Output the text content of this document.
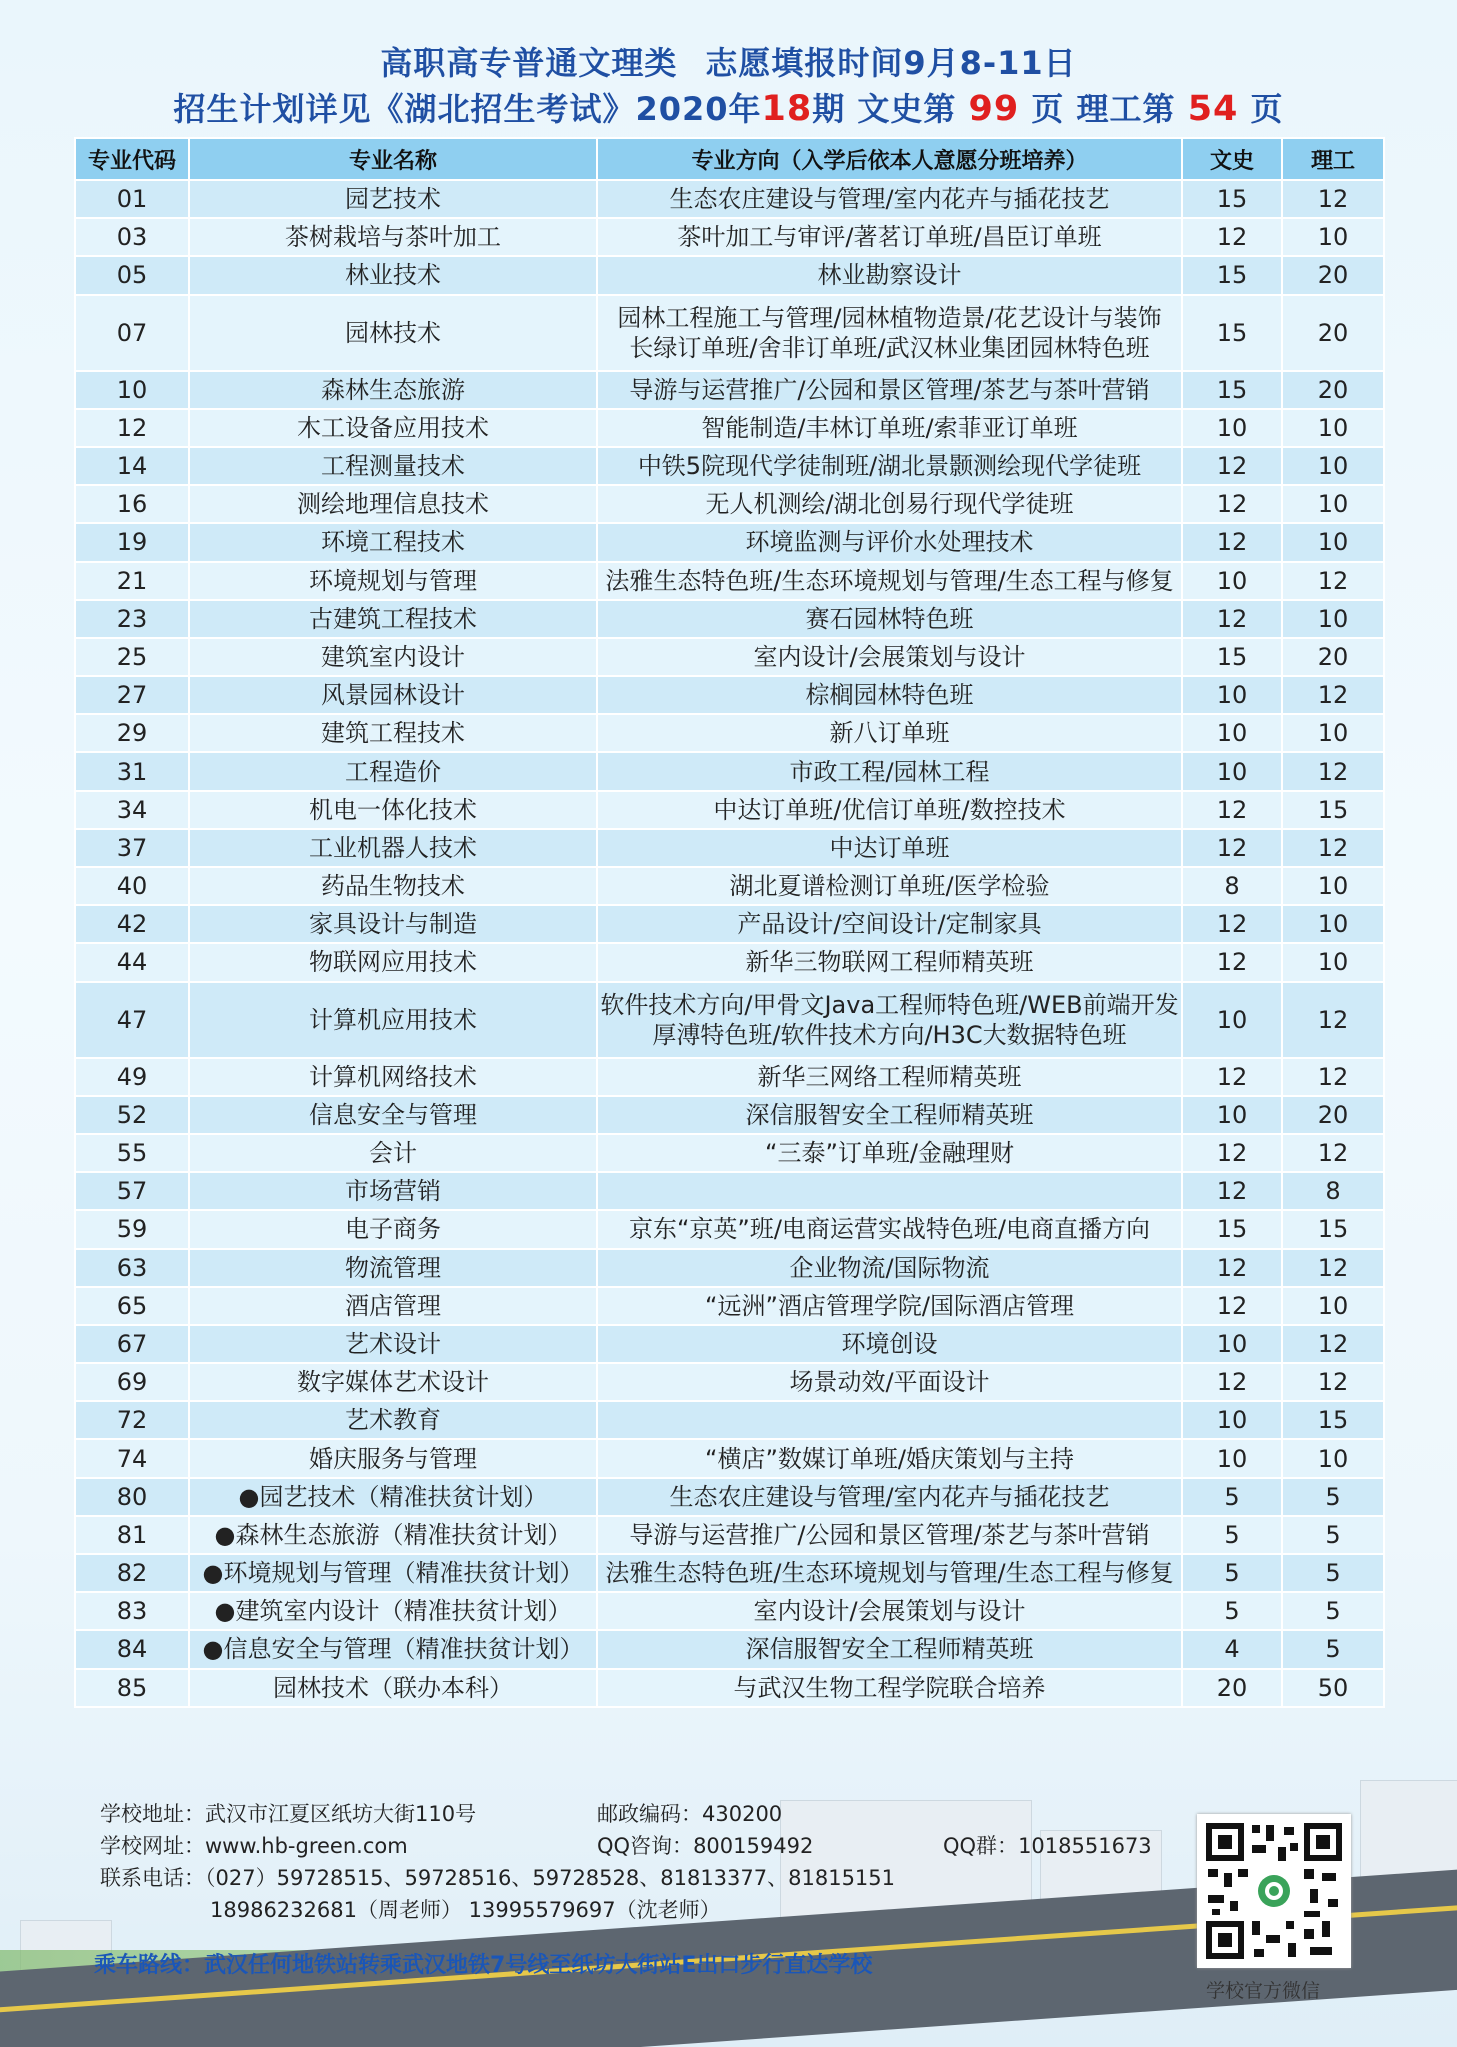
高职高专普通文理类 志愿填报时间9月8-11日
招生计划详见《湖北招生考试》2020年18期 文史第 99 页 理工第 54 页
专业代码	专业名称	专业方向（入学后依本人意愿分班培养）	文史	理工
01	园艺技术	生态农庄建设与管理/室内花卉与插花技艺	15	12
03	茶树栽培与茶叶加工	茶叶加工与审评/著茗订单班/昌臣订单班	12	10
05	林业技术	林业勘察设计	15	20
07	园林技术	园林工程施工与管理/园林植物造景/花艺设计与装饰
长绿订单班/舍非订单班/武汉林业集团园林特色班	15	20
10	森林生态旅游	导游与运营推广/公园和景区管理/茶艺与茶叶营销	15	20
12	木工设备应用技术	智能制造/丰林订单班/索菲亚订单班	10	10
14	工程测量技术	中铁5院现代学徒制班/湖北景颢测绘现代学徒班	12	10
16	测绘地理信息技术	无人机测绘/湖北创易行现代学徒班	12	10
19	环境工程技术	环境监测与评价水处理技术	12	10
21	环境规划与管理	法雅生态特色班/生态环境规划与管理/生态工程与修复	10	12
23	古建筑工程技术	赛石园林特色班	12	10
25	建筑室内设计	室内设计/会展策划与设计	15	20
27	风景园林设计	棕榈园林特色班	10	12
29	建筑工程技术	新八订单班	10	10
31	工程造价	市政工程/园林工程	10	12
34	机电一体化技术	中达订单班/优信订单班/数控技术	12	15
37	工业机器人技术	中达订单班	12	12
40	药品生物技术	湖北夏谱检测订单班/医学检验	8	10
42	家具设计与制造	产品设计/空间设计/定制家具	12	10
44	物联网应用技术	新华三物联网工程师精英班	12	10
47	计算机应用技术	软件技术方向/甲骨文Java工程师特色班/WEB前端开发
厚溥特色班/软件技术方向/H3C大数据特色班	10	12
49	计算机网络技术	新华三网络工程师精英班	12	12
52	信息安全与管理	深信服智安全工程师精英班	10	20
55	会计	“三泰”订单班/金融理财	12	12
57	市场营销		12	8
59	电子商务	京东“京英”班/电商运营实战特色班/电商直播方向	15	15
63	物流管理	企业物流/国际物流	12	12
65	酒店管理	“远洲”酒店管理学院/国际酒店管理	12	10
67	艺术设计	环境创设	10	12
69	数字媒体艺术设计	场景动效/平面设计	12	12
72	艺术教育		10	15
74	婚庆服务与管理	“横店”数媒订单班/婚庆策划与主持	10	10
80	●园艺技术（精准扶贫计划）	生态农庄建设与管理/室内花卉与插花技艺	5	5
81	●森林生态旅游（精准扶贫计划）	导游与运营推广/公园和景区管理/茶艺与茶叶营销	5	5
82	●环境规划与管理（精准扶贫计划）	法雅生态特色班/生态环境规划与管理/生态工程与修复	5	5
83	●建筑室内设计（精准扶贫计划）	室内设计/会展策划与设计	5	5
84	●信息安全与管理（精准扶贫计划）	深信服智安全工程师精英班	4	5
85	园林技术（联办本科）	与武汉生物工程学院联合培养	20	50
学校地址：武汉市江夏区纸坊大街110号	邮政编码：430200
学校网址：www.hb-green.com	QQ咨询：800159492	QQ群：1018551673
联系电话：（027）59728515、59728516、59728528、81813377、81815151
18986232681（周老师） 13995579697（沈老师）
乘车路线：武汉任何地铁站转乘武汉地铁7号线至纸坊大街站E出口步行直达学校
学校官方微信
